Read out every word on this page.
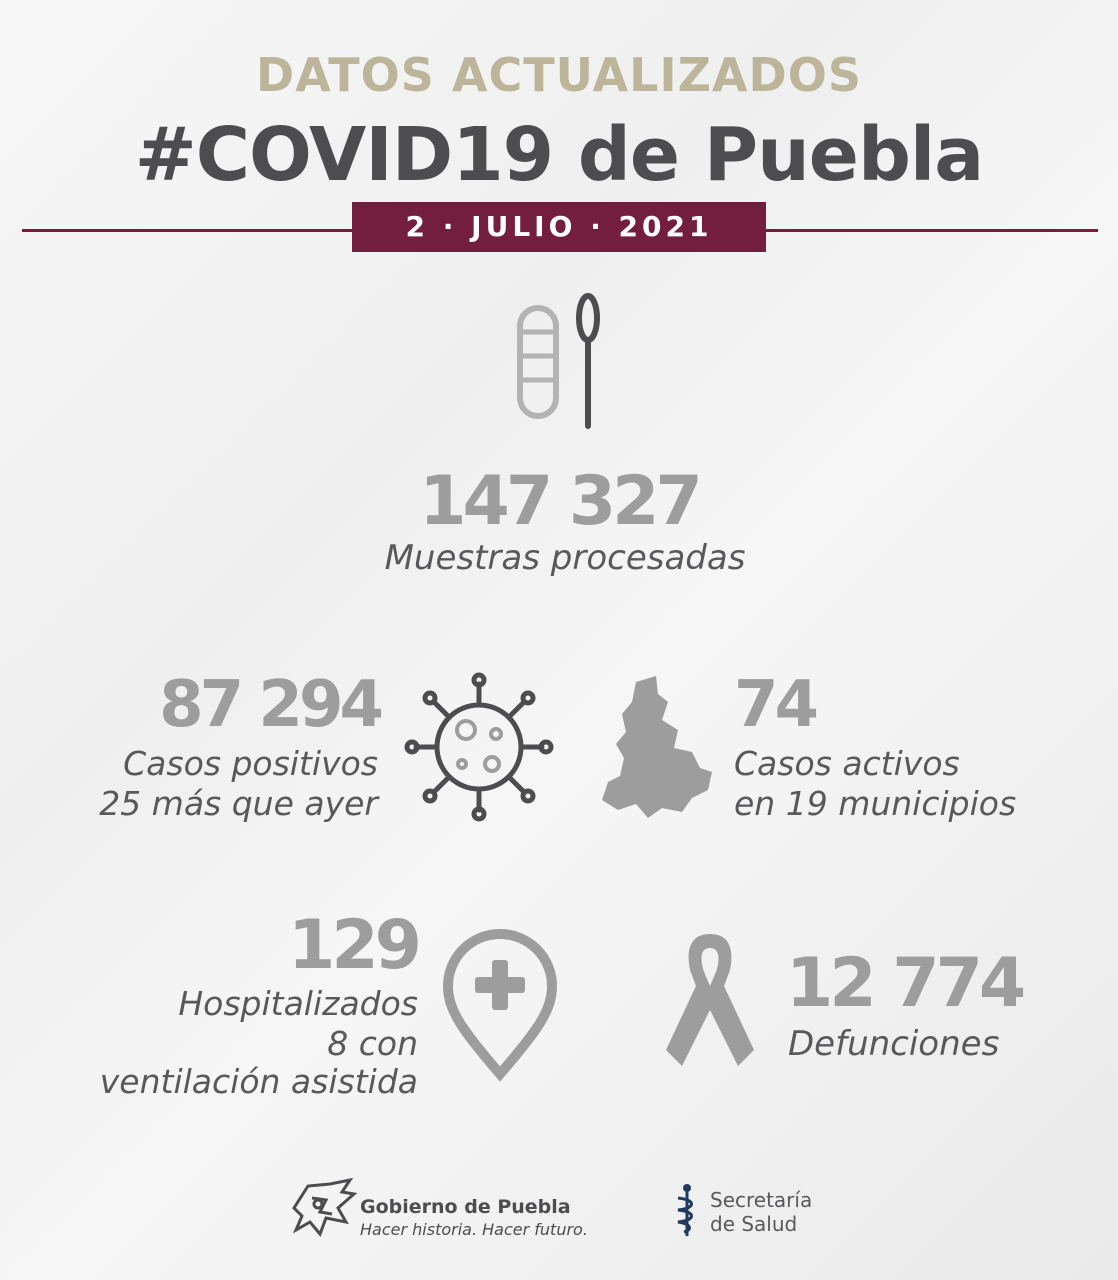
DATOS ACTUALIZADOS
#COVID19 de Puebla
2 · JULIO · 2021
147 327
Muestras procesadas
87 294
Casos positivos
25 más que ayer
74
Casos activos
en 19 municipios
129
Hospitalizados
8 con
ventilación asistida
12 774
Defunciones
Gobierno de Puebla
Hacer historia. Hacer futuro.
Secretaría
de Salud
